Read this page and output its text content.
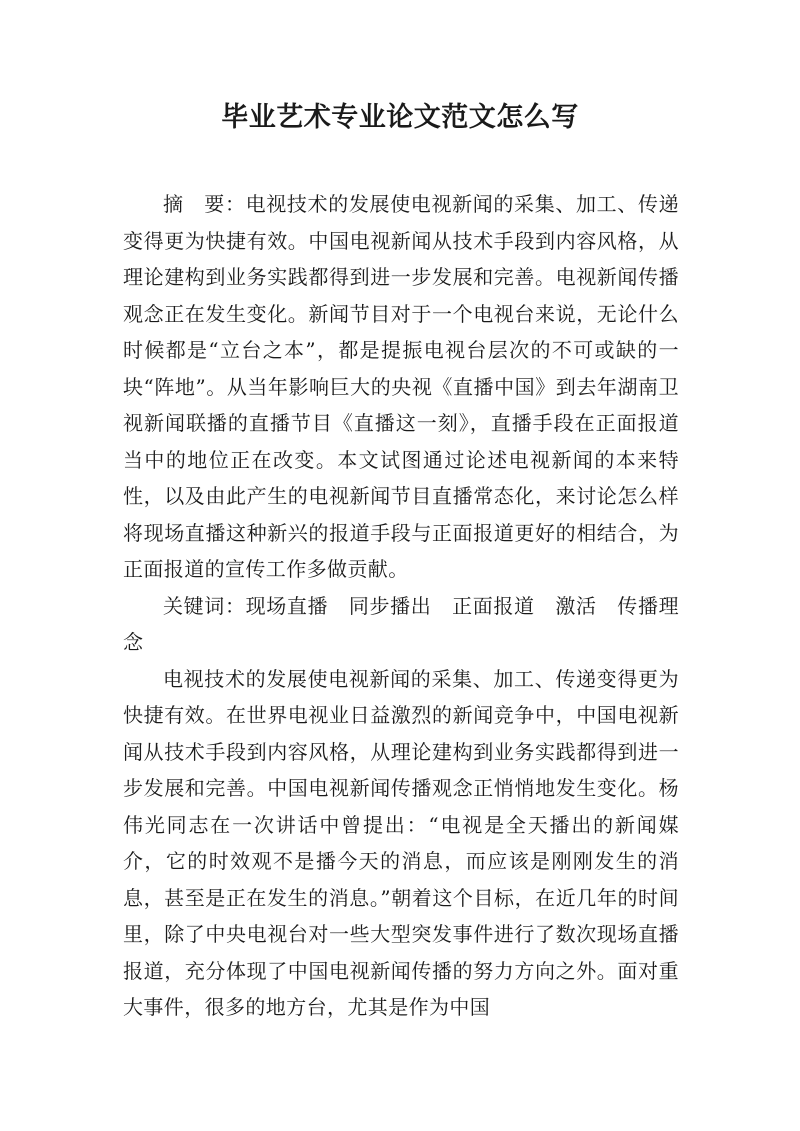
毕业艺术专业论文范文怎么写

摘　要：电视技术的发展使电视新闻的采集、加工、传递变得更为快捷有效。中国电视新闻从技术手段到内容风格，从理论建构到业务实践都得到进一步发展和完善。电视新闻传播观念正在发生变化。新闻节目对于一个电视台来说，无论什么时候都是“立台之本”，都是提振电视台层次的不可或缺的一块“阵地”。从当年影响巨大的央视《直播中国》到去年湖南卫视新闻联播的直播节目《直播这一刻》，直播手段在正面报道当中的地位正在改变。本文试图通过论述电视新闻的本来特性，以及由此产生的电视新闻节目直播常态化，来讨论怎么样将现场直播这种新兴的报道手段与正面报道更好的相结合，为正面报道的宣传工作多做贡献。

关键词：现场直播　同步播出　正面报道　激活　传播理念

电视技术的发展使电视新闻的采集、加工、传递变得更为快捷有效。在世界电视业日益激烈的新闻竞争中，中国电视新闻从技术手段到内容风格，从理论建构到业务实践都得到进一步发展和完善。中国电视新闻传播观念正悄悄地发生变化。杨伟光同志在一次讲话中曾提出：“电视是全天播出的新闻媒介，它的时效观不是播今天的消息，而应该是刚刚发生的消息，甚至是正在发生的消息。”朝着这个目标，在近几年的时间里，除了中央电视台对一些大型突发事件进行了数次现场直播报道，充分体现了中国电视新闻传播的努力方向之外。面对重大事件，很多的地方台，尤其是作为中国
